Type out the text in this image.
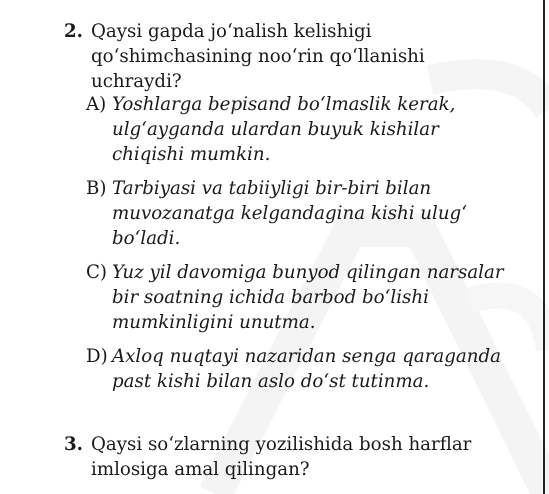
2. Qaysi gapda jo‘nalish kelishigi qo‘shimchasining noo‘rin qo‘llanishi uchraydi?
A) Yoshlarga bepisand bo‘lmaslik kerak, ulg‘ayganda ulardan buyuk kishilar chiqishi mumkin.
B) Tarbiyasi va tabiiyligi bir-biri bilan muvozanatga kelgandagina kishi ulug‘ bo‘ladi.
C) Yuz yil davomiga bunyod qilingan narsalar bir soatning ichida barbod bo‘lishi mumkinligini unutma.
D) Axloq nuqtayi nazaridan senga qaraganda past kishi bilan aslo do‘st tutinma.
3. Qaysi so‘zlarning yozilishida bosh harflar imlosiga amal qilingan?
